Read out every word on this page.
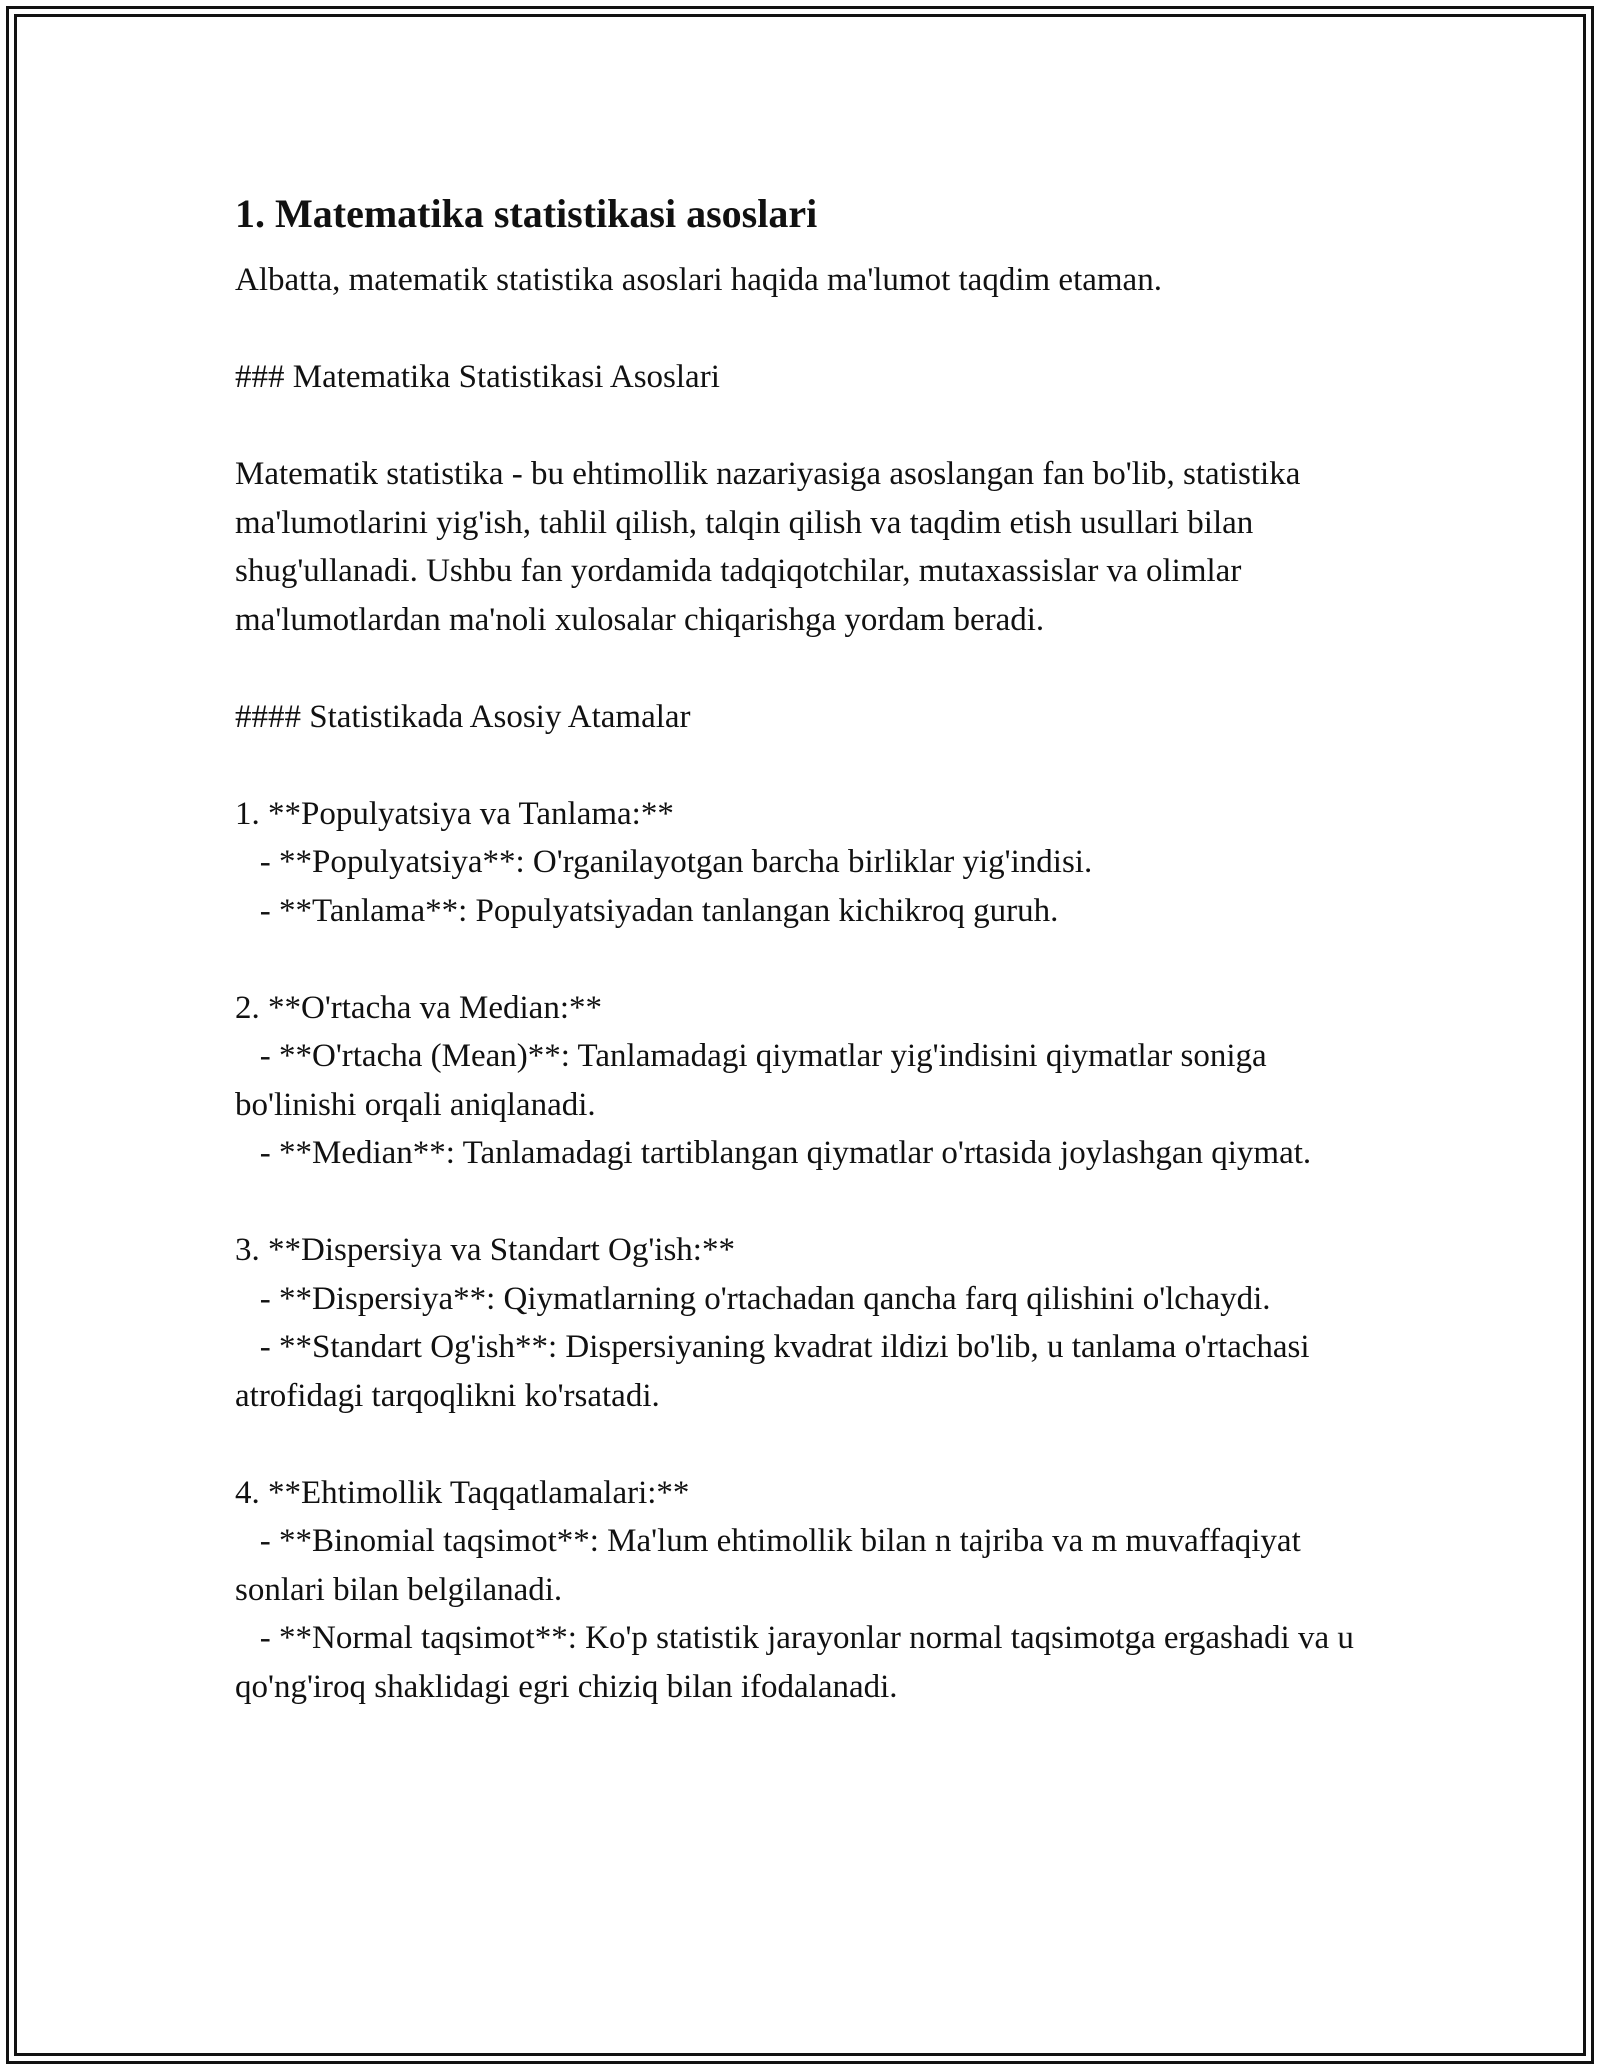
1. Matematika statistikasi asoslari

Albatta, matematik statistika asoslari haqida ma'lumot taqdim etaman.

### Matematika Statistikasi Asoslari

Matematik statistika - bu ehtimollik nazariyasiga asoslangan fan bo'lib, statistika ma'lumotlarini yig'ish, tahlil qilish, talqin qilish va taqdim etish usullari bilan shug'ullanadi. Ushbu fan yordamida tadqiqotchilar, mutaxassislar va olimlar ma'lumotlardan ma'noli xulosalar chiqarishga yordam beradi.

#### Statistikada Asosiy Atamalar

1. **Populyatsiya va Tanlama:**

- **Populyatsiya**: O'rganilayotgan barcha birliklar yig'indisi.

- **Tanlama**: Populyatsiyadan tanlangan kichikroq guruh.

2. **O'rtacha va Median:**

- **O'rtacha (Mean)**: Tanlamadagi qiymatlar yig'indisini qiymatlar soniga bo'linishi orqali aniqlanadi.

- **Median**: Tanlamadagi tartiblangan qiymatlar o'rtasida joylashgan qiymat.

3. **Dispersiya va Standart Og'ish:**

- **Dispersiya**: Qiymatlarning o'rtachadan qancha farq qilishini o'lchaydi.

- **Standart Og'ish**: Dispersiyaning kvadrat ildizi bo'lib, u tanlama o'rtachasi atrofidagi tarqoqlikni ko'rsatadi.

4. **Ehtimollik Taqqatlamalari:**

- **Binomial taqsimot**: Ma'lum ehtimollik bilan n tajriba va m muvaffaqiyat sonlari bilan belgilanadi.

- **Normal taqsimot**: Ko'p statistik jarayonlar normal taqsimotga ergashadi va u qo'ng'iroq shaklidagi egri chiziq bilan ifodalanadi.
